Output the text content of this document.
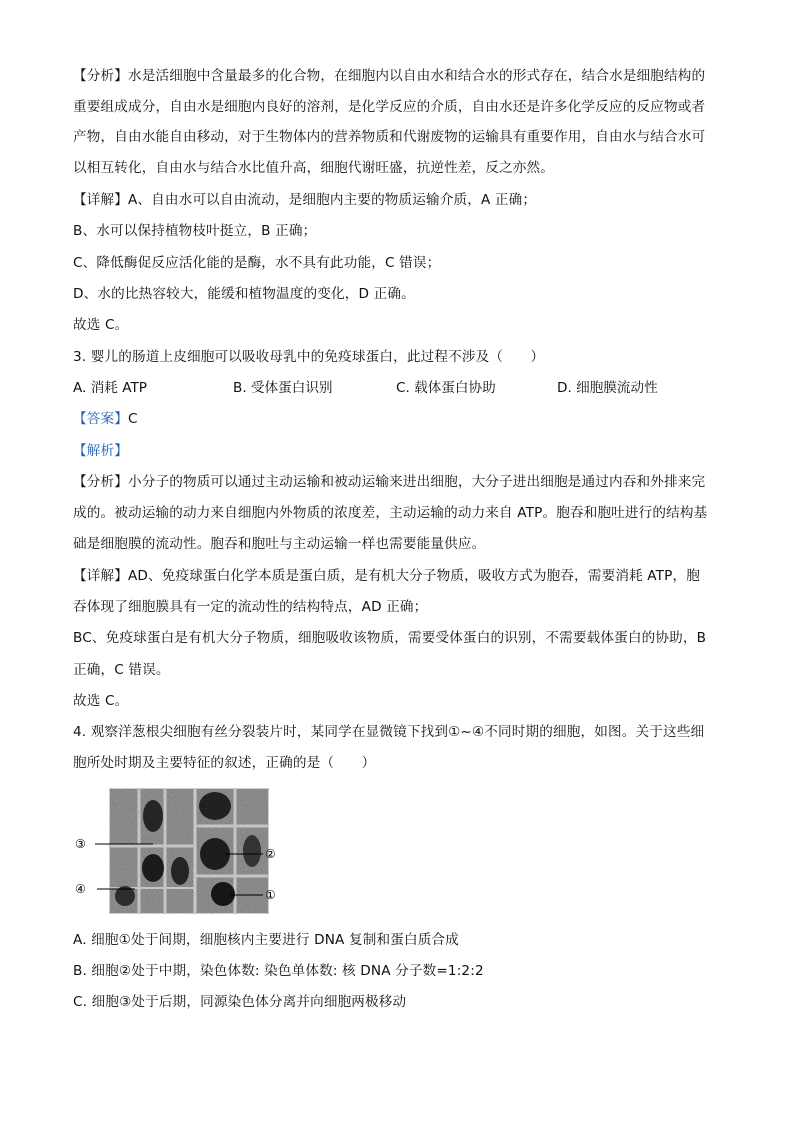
【分析】水是活细胞中含量最多的化合物，在细胞内以自由水和结合水的形式存在，结合水是细胞结构的
重要组成成分，自由水是细胞内良好的溶剂，是化学反应的介质，自由水还是许多化学反应的反应物或者
产物，自由水能自由移动，对于生物体内的营养物质和代谢废物的运输具有重要作用，自由水与结合水可
以相互转化，自由水与结合水比值升高，细胞代谢旺盛，抗逆性差，反之亦然。
【详解】A、自由水可以自由流动，是细胞内主要的物质运输介质，A 正确；
B、水可以保持植物枝叶挺立，B 正确；
C、降低酶促反应活化能的是酶，水不具有此功能，C 错误；
D、水的比热容较大，能缓和植物温度的变化，D 正确。
故选 C。
3. 婴儿的肠道上皮细胞可以吸收母乳中的免疫球蛋白，此过程不涉及（　　）
A. 消耗 ATP	B. 受体蛋白识别	C. 载体蛋白协助	D. 细胞膜流动性
【答案】C
【解析】
【分析】小分子的物质可以通过主动运输和被动运输来进出细胞，大分子进出细胞是通过内吞和外排来完
成的。被动运输的动力来自细胞内外物质的浓度差，主动运输的动力来自 ATP。胞吞和胞吐进行的结构基
础是细胞膜的流动性。胞吞和胞吐与主动运输一样也需要能量供应。
【详解】AD、免疫球蛋白化学本质是蛋白质，是有机大分子物质，吸收方式为胞吞，需要消耗 ATP，胞
吞体现了细胞膜具有一定的流动性的结构特点，AD 正确；
BC、免疫球蛋白是有机大分子物质，细胞吸收该物质，需要受体蛋白的识别，不需要载体蛋白的协助，B
正确，C 错误。
故选 C。
4. 观察洋葱根尖细胞有丝分裂装片时，某同学在显微镜下找到①~④不同时期的细胞，如图。关于这些细
胞所处时期及主要特征的叙述，正确的是（　　）
③
②
④	①
A. 细胞①处于间期，细胞核内主要进行 DNA 复制和蛋白质合成
B. 细胞②处于中期，染色体数: 染色单体数: 核 DNA 分子数=1:2:2
C. 细胞③处于后期，同源染色体分离并向细胞两极移动
